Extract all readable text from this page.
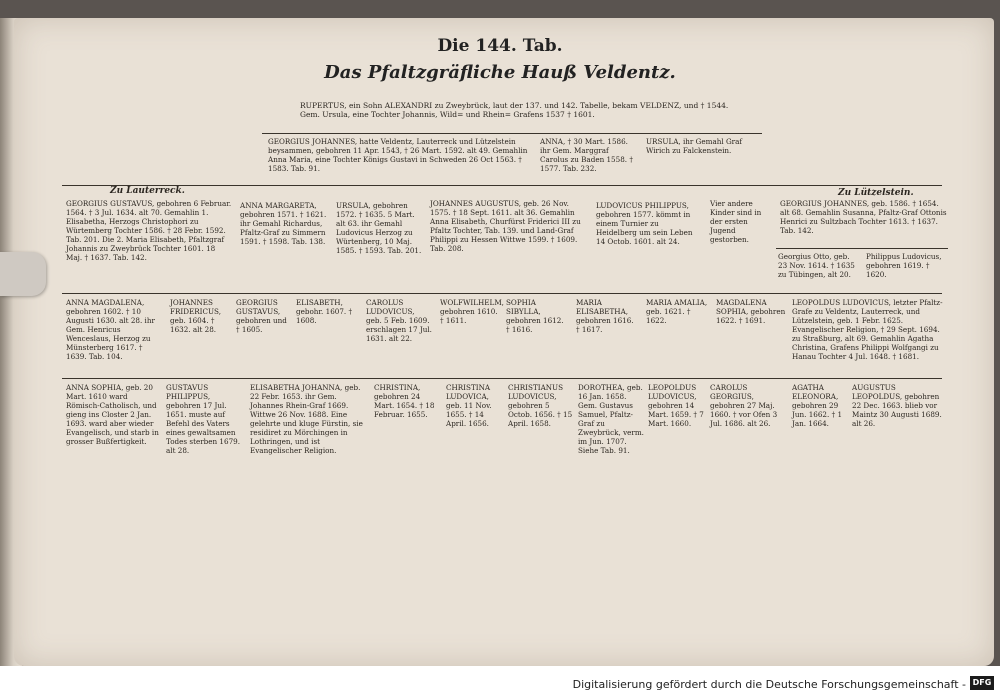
Die 144. Tab.
Das Pfaltzgräfliche Hauß Veldentz.
RUPERTUS, ein Sohn ALEXANDRI zu Zweybrück, laut der 137. und 142. Tabelle, bekam VELDENZ, und † 1544. Gem. Ursula, eine Tochter Johannis, Wild= und Rhein= Grafens 1537 † 1601.
GEORGIUS JOHANNES, hatte Veldentz, Lauterreck und Lützelstein beysammen, gebohren 11 Apr. 1543, † 26 Mart. 1592. alt 49. Gemahlin Anna Maria, eine Tochter Königs Gustavi in Schweden 26 Oct 1563. † 1583. Tab. 91.
ANNA, † 30 Mart. 1586. ihr Gem. Marggraf Carolus zu Baden 1558. † 1577. Tab. 232.
URSULA, ihr Gemahl Graf Wirich zu Falckenstein.
Zu Lauterreck.	Zu Lützelstein.
GEORGIUS GUSTAVUS, gebohren 6 Februar. 1564. † 3 Jul. 1634. alt 70. Gemahlin 1. Elisabetha, Herzogs Christophori zu Würtemberg Tochter 1586. † 28 Febr. 1592. Tab. 201. Die 2. Maria Elisabeth, Pfaltzgraf Johannis zu Zweybrück Tochter 1601. 18 Maj. † 1637. Tab. 142.
ANNA MARGARETA, gebohren 1571. † 1621. ihr Gemahl Richardus, Pfaltz-Graf zu Simmern 1591. † 1598. Tab. 138.
URSULA, gebohren 1572. † 1635. 5 Mart. alt 63. ihr Gemahl Ludovicus Herzog zu Würtenberg, 10 Maj. 1585. † 1593. Tab. 201.
JOHANNES AUGUSTUS, geb. 26 Nov. 1575. † 18 Sept. 1611. alt 36. Gemahlin Anna Elisabeth, Churfürst Friderici III zu Pfaltz Tochter, Tab. 139. und Land-Graf Philippi zu Hessen Wittwe 1599. † 1609. Tab. 208.
LUDOVICUS PHILIPPUS, gebohren 1577. kömmt in einem Turnier zu Heidelberg um sein Leben 14 Octob. 1601. alt 24.
Vier andere Kinder sind in der ersten Jugend gestorben.
GEORGIUS JOHANNES, geb. 1586. † 1654. alt 68. Gemahlin Susanna, Pfaltz-Graf Ottonis Henrici zu Sultzbach Tochter 1613. † 1637. Tab. 142.
Georgius Otto, geb. 23 Nov. 1614. † 1635 zu Tübingen, alt 20.
Philippus Ludovicus, gebohren 1619. † 1620.
ANNA MAGDALENA, gebohren 1602. † 10 Augusti 1630. alt 28. ihr Gem. Henricus Wenceslaus, Herzog zu Münsterberg 1617. † 1639. Tab. 104.
JOHANNES FRIDERICUS, geb. 1604. † 1632. alt 28.
GEORGIUS GUSTAVUS, gebohren und † 1605.
ELISABETH, gebohr. 1607. † 1608.
CAROLUS LUDOVICUS, geb. 5 Feb. 1609. erschlagen 17 Jul. 1631. alt 22.
WOLFWILHELM, gebohren 1610. † 1611.
SOPHIA SIBYLLA, gebohren 1612. † 1616.
MARIA ELISABETHA, gebohren 1616. † 1617.
MARIA AMALIA, geb. 1621. † 1622.
MAGDALENA SOPHIA, gebohren 1622. † 1691.
LEOPOLDUS LUDOVICUS, letzter Pfaltz-Grafe zu Veldentz, Lauterreck, und Lützelstein, geb. 1 Febr. 1625. Evangelischer Religion, † 29 Sept. 1694. zu Straßburg, alt 69. Gemahlin Agatha Christina, Grafens Philippi Wolfgangi zu Hanau Tochter 4 Jul. 1648. † 1681.
ANNA SOPHIA, geb. 20 Mart. 1610 ward Römisch-Catholisch, und gieng ins Closter 2 Jan. 1693. ward aber wieder Evangelisch, und starb in grosser Bußfertigkeit.
GUSTAVUS PHILIPPUS, gebohren 17 Jul. 1651. muste auf Befehl des Vaters eines gewaltsamen Todes sterben 1679. alt 28.
ELISABETHA JOHANNA, geb. 22 Febr. 1653. ihr Gem. Johannes Rhein-Graf 1669. Wittwe 26 Nov. 1688. Eine gelehrte und kluge Fürstin, sie residiret zu Mörchingen in Lothringen, und ist Evangelischer Religion.
CHRISTINA, gebohren 24 Mart. 1654. † 18 Februar. 1655.
CHRISTINA LUDOVICA, geb. 11 Nov. 1655. † 14 April. 1656.
CHRISTIANUS LUDOVICUS, gebohren 5 Octob. 1656. † 15 April. 1658.
DOROTHEA, geb. 16 Jan. 1658. Gem. Gustavus Samuel, Pfaltz-Graf zu Zweybrück, verm. im Jun. 1707. Siehe Tab. 91.
LEOPOLDUS LUDOVICUS, gebohren 14 Mart. 1659. † 7 Mart. 1660.
CAROLUS GEORGIUS, gebohren 27 Maj. 1660. † vor Ofen 3 Jul. 1686. alt 26.
AGATHA ELEONORA, gebohren 29 Jun. 1662. † 1 Jan. 1664.
AUGUSTUS LEOPOLDUS, gebohren 22 Dec. 1663. blieb vor Maintz 30 Augusti 1689. alt 26.
Digitalisierung gefördert durch die Deutsche Forschungsgemeinschaft - DFG
